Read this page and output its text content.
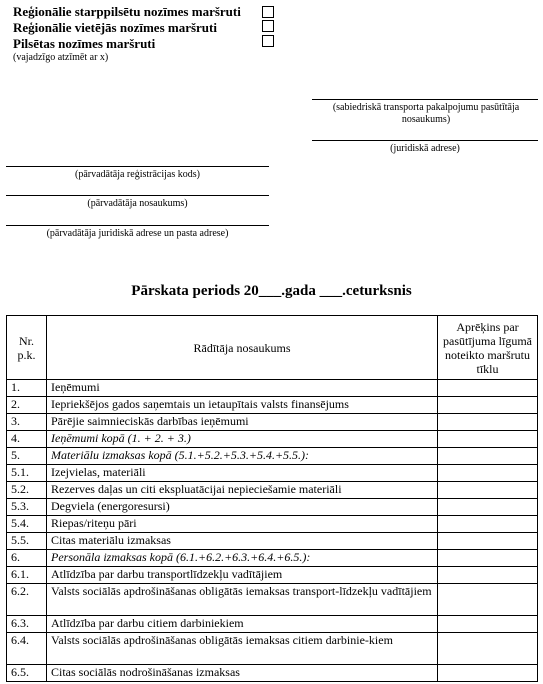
Reģionālie starppilsētu nozīmes maršruti
Reģionālie vietējās nozīmes maršruti
Pilsētas nozīmes maršruti
(vajadzīgo atzīmēt ar x)
(sabiedriskā transporta pakalpojumu pasūtītāja nosaukums)
(juridiskā adrese)
(pārvadātāja reģistrācijas kods)
(pārvadātāja nosaukums)
(pārvadātāja juridiskā adrese un pasta adrese)
Pārskata periods 20___.gada ___.ceturksnis
Nr. p.k.	Rādītāja nosaukums	Aprēķins par pasūtījuma līgumā noteikto maršrutu tīklu
1.	Ieņēmumi	
2.	Iepriekšējos gados saņemtais un ietaupītais valsts finansējums	
3.	Pārējie saimnieciskās darbības ieņēmumi	
4.	Ieņēmumi kopā (1. + 2. + 3.)	
5.	Materiālu izmaksas kopā (5.1.+5.2.+5.3.+5.4.+5.5.):	
5.1.	Izejvielas, materiāli	
5.2.	Rezerves daļas un citi ekspluatācijai nepieciešamie materiāli	
5.3.	Degviela (energoresursi)	
5.4.	Riepas/riteņu pāri	
5.5.	Citas materiālu izmaksas	
6.	Personāla izmaksas kopā (6.1.+6.2.+6.3.+6.4.+6.5.):	
6.1.	Atlīdzība par darbu transportlīdzekļu vadītājiem	
6.2.	Valsts sociālās apdrošināšanas obligātās iemaksas transport-līdzekļu vadītājiem	
6.3.	Atlīdzība par darbu citiem darbiniekiem	
6.4.	Valsts sociālās apdrošināšanas obligātās iemaksas citiem darbinie-kiem	
6.5.	Citas sociālās nodrošināšanas izmaksas	
